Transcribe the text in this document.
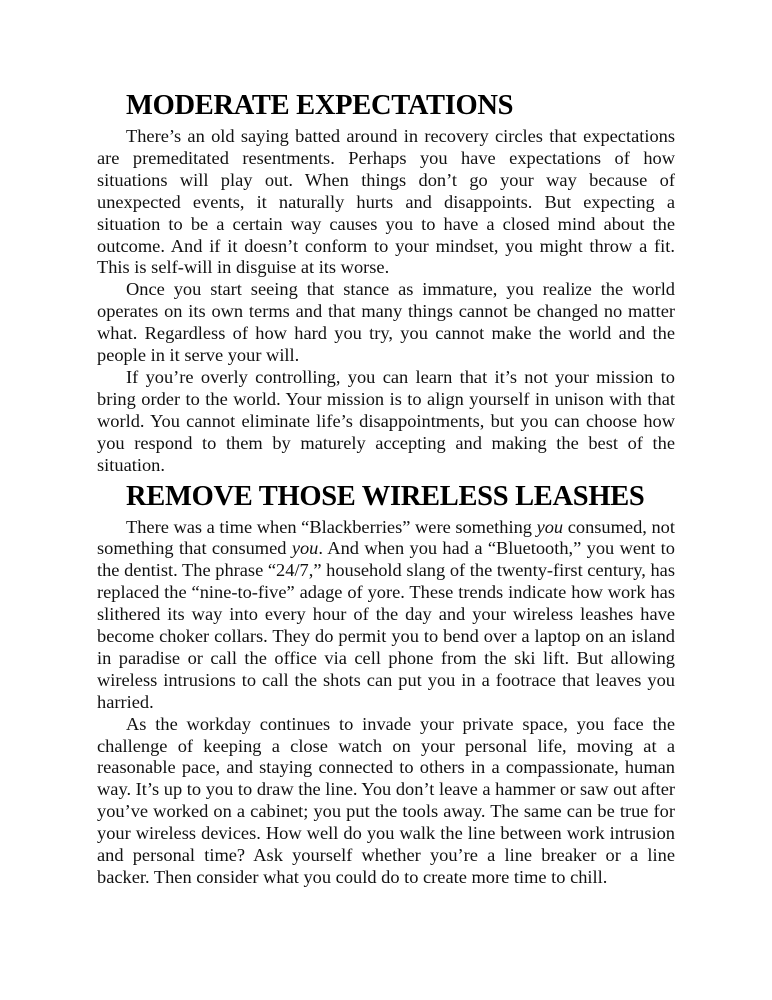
MODERATE EXPECTATIONS

There’s an old saying batted around in recovery circles that expectations are premeditated resentments. Perhaps you have expectations of how situations will play out. When things don’t go your way because of unexpected events, it naturally hurts and disappoints. But expecting a situation to be a certain way causes you to have a closed mind about the outcome. And if it doesn’t conform to your mindset, you might throw a fit. This is self-will in disguise at its worse.

Once you start seeing that stance as immature, you realize the world operates on its own terms and that many things cannot be changed no matter what. Regardless of how hard you try, you cannot make the world and the people in it serve your will.

If you’re overly controlling, you can learn that it’s not your mission to bring order to the world. Your mission is to align yourself in unison with that world. You cannot eliminate life’s disappointments, but you can choose how you respond to them by maturely accepting and making the best of the situation.

REMOVE THOSE WIRELESS LEASHES

There was a time when “Blackberries” were something you consumed, not something that consumed you. And when you had a “Bluetooth,” you went to the dentist. The phrase “24/7,” household slang of the twenty-first century, has replaced the “nine-to-five” adage of yore. These trends indicate how work has slithered its way into every hour of the day and your wireless leashes have become choker collars. They do permit you to bend over a laptop on an island in paradise or call the office via cell phone from the ski lift. But allowing wireless intrusions to call the shots can put you in a footrace that leaves you harried.

As the workday continues to invade your private space, you face the challenge of keeping a close watch on your personal life, moving at a reasonable pace, and staying connected to others in a compassionate, human way. It’s up to you to draw the line. You don’t leave a hammer or saw out after you’ve worked on a cabinet; you put the tools away. The same can be true for your wireless devices. How well do you walk the line between work intrusion and personal time? Ask yourself whether you’re a line breaker or a line backer. Then consider what you could do to create more time to chill.
